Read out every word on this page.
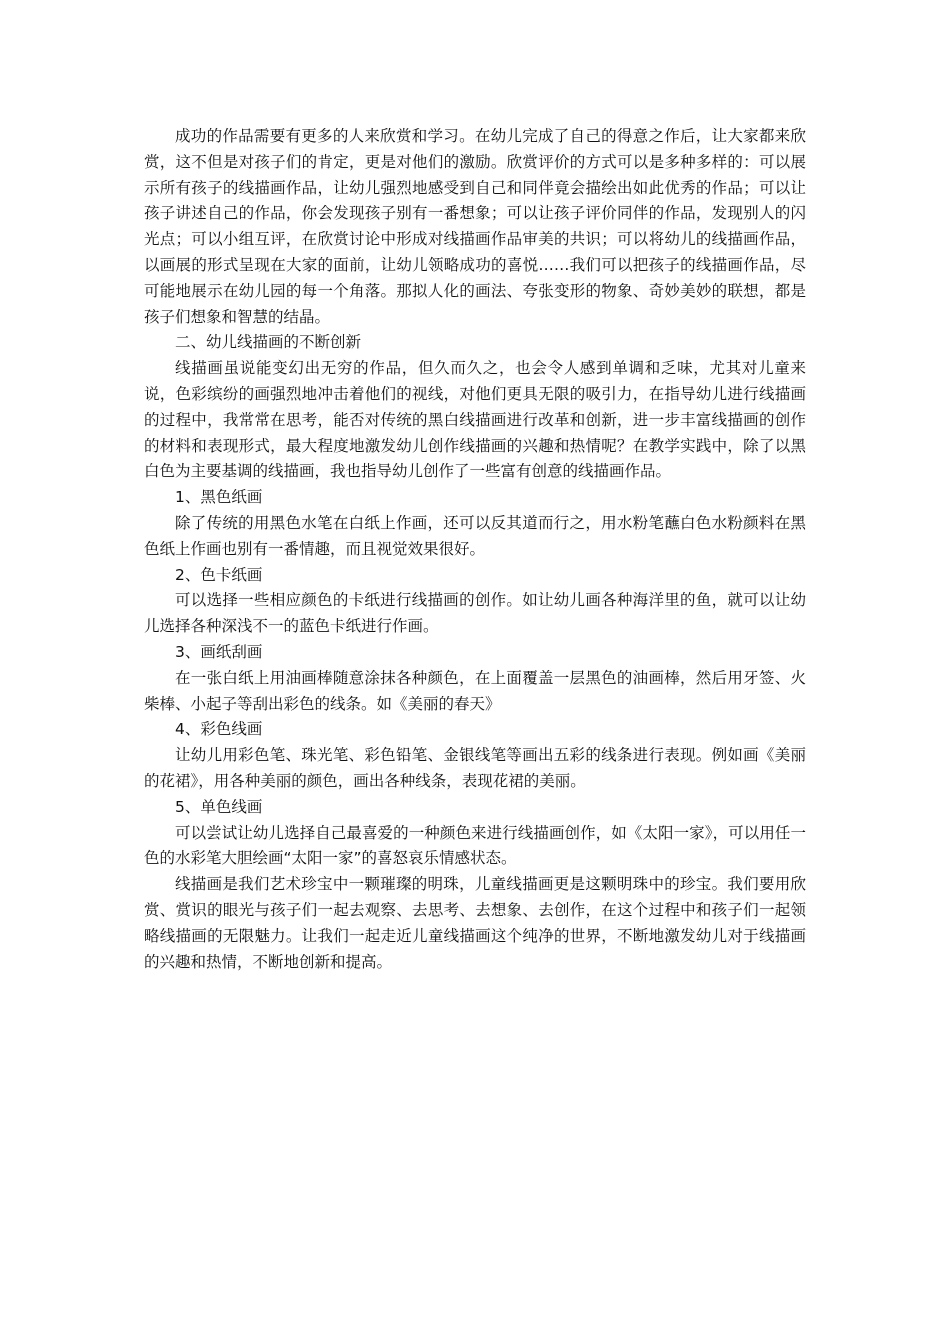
成功的作品需要有更多的人来欣赏和学习。在幼儿完成了自己的得意之作后，让大家都来欣赏，这不但是对孩子们的肯定，更是对他们的激励。欣赏评价的方式可以是多种多样的：可以展示所有孩子的线描画作品，让幼儿强烈地感受到自己和同伴竟会描绘出如此优秀的作品；可以让孩子讲述自己的作品，你会发现孩子别有一番想象；可以让孩子评价同伴的作品，发现别人的闪光点；可以小组互评，在欣赏讨论中形成对线描画作品审美的共识；可以将幼儿的线描画作品，以画展的形式呈现在大家的面前，让幼儿领略成功的喜悦……我们可以把孩子的线描画作品，尽可能地展示在幼儿园的每一个角落。那拟人化的画法、夸张变形的物象、奇妙美妙的联想，都是孩子们想象和智慧的结晶。

二、幼儿线描画的不断创新

线描画虽说能变幻出无穷的作品，但久而久之，也会令人感到单调和乏味，尤其对儿童来说，色彩缤纷的画强烈地冲击着他们的视线，对他们更具无限的吸引力，在指导幼儿进行线描画的过程中，我常常在思考，能否对传统的黑白线描画进行改革和创新，进一步丰富线描画的创作的材料和表现形式，最大程度地激发幼儿创作线描画的兴趣和热情呢？在教学实践中，除了以黑白色为主要基调的线描画，我也指导幼儿创作了一些富有创意的线描画作品。

1、黑色纸画

除了传统的用黑色水笔在白纸上作画，还可以反其道而行之，用水粉笔蘸白色水粉颜料在黑色纸上作画也别有一番情趣，而且视觉效果很好。

2、色卡纸画

可以选择一些相应颜色的卡纸进行线描画的创作。如让幼儿画各种海洋里的鱼，就可以让幼儿选择各种深浅不一的蓝色卡纸进行作画。

3、画纸刮画

在一张白纸上用油画棒随意涂抹各种颜色，在上面覆盖一层黑色的油画棒，然后用牙签、火柴棒、小起子等刮出彩色的线条。如《美丽的春天》

4、彩色线画

让幼儿用彩色笔、珠光笔、彩色铅笔、金银线笔等画出五彩的线条进行表现。例如画《美丽的花裙》，用各种美丽的颜色，画出各种线条，表现花裙的美丽。

5、单色线画

可以尝试让幼儿选择自己最喜爱的一种颜色来进行线描画创作，如《太阳一家》，可以用任一色的水彩笔大胆绘画“太阳一家”的喜怒哀乐情感状态。

线描画是我们艺术珍宝中一颗璀璨的明珠，儿童线描画更是这颗明珠中的珍宝。我们要用欣赏、赏识的眼光与孩子们一起去观察、去思考、去想象、去创作，在这个过程中和孩子们一起领略线描画的无限魅力。让我们一起走近儿童线描画这个纯净的世界，不断地激发幼儿对于线描画的兴趣和热情，不断地创新和提高。
